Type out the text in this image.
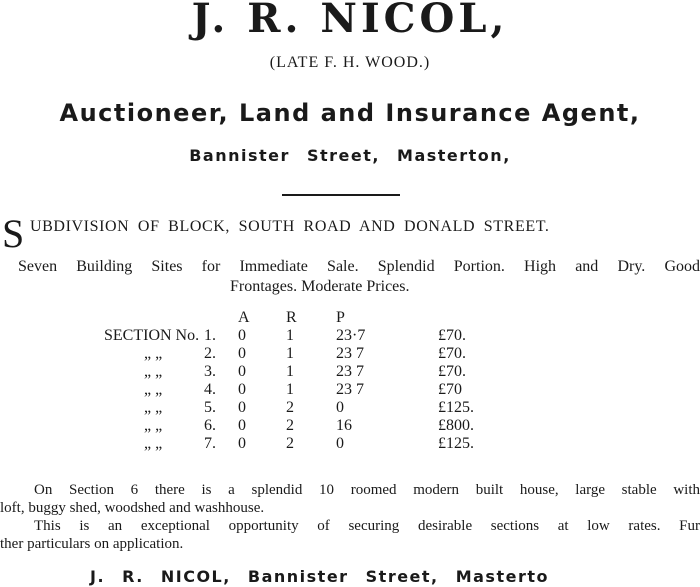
J. R. NICOL,
(LATE F. H. WOOD.)
Auctioneer, Land and Insurance Agent,
Bannister Street, Masterton,
S UBDIVISION OF BLOCK, SOUTH ROAD AND DONALD STREET.
Seven Building Sites for Immediate Sale. Splendid Portion. High and Dry. Good
Frontages. Moderate Prices.
	A	R	P	
SECTION No. 1.	0	1	23·7	£70.
„ „ 2.	0	1	23 7	£70.
„ „ 3.	0	1	23 7	£70.
„ „ 4.	0	1	23 7	£70
„ „ 5.	0	2	0	£125.
„ „ 6.	0	2	16	£800.
„ „ 7.	0	2	0	£125.
On Section 6 there is a splendid 10 roomed modern built house, large stable with
loft, buggy shed, woodshed and washhouse.
This is an exceptional opportunity of securing desirable sections at low rates. Fur
ther particulars on application.
J. R. NICOL, Bannister Street, Masterto
